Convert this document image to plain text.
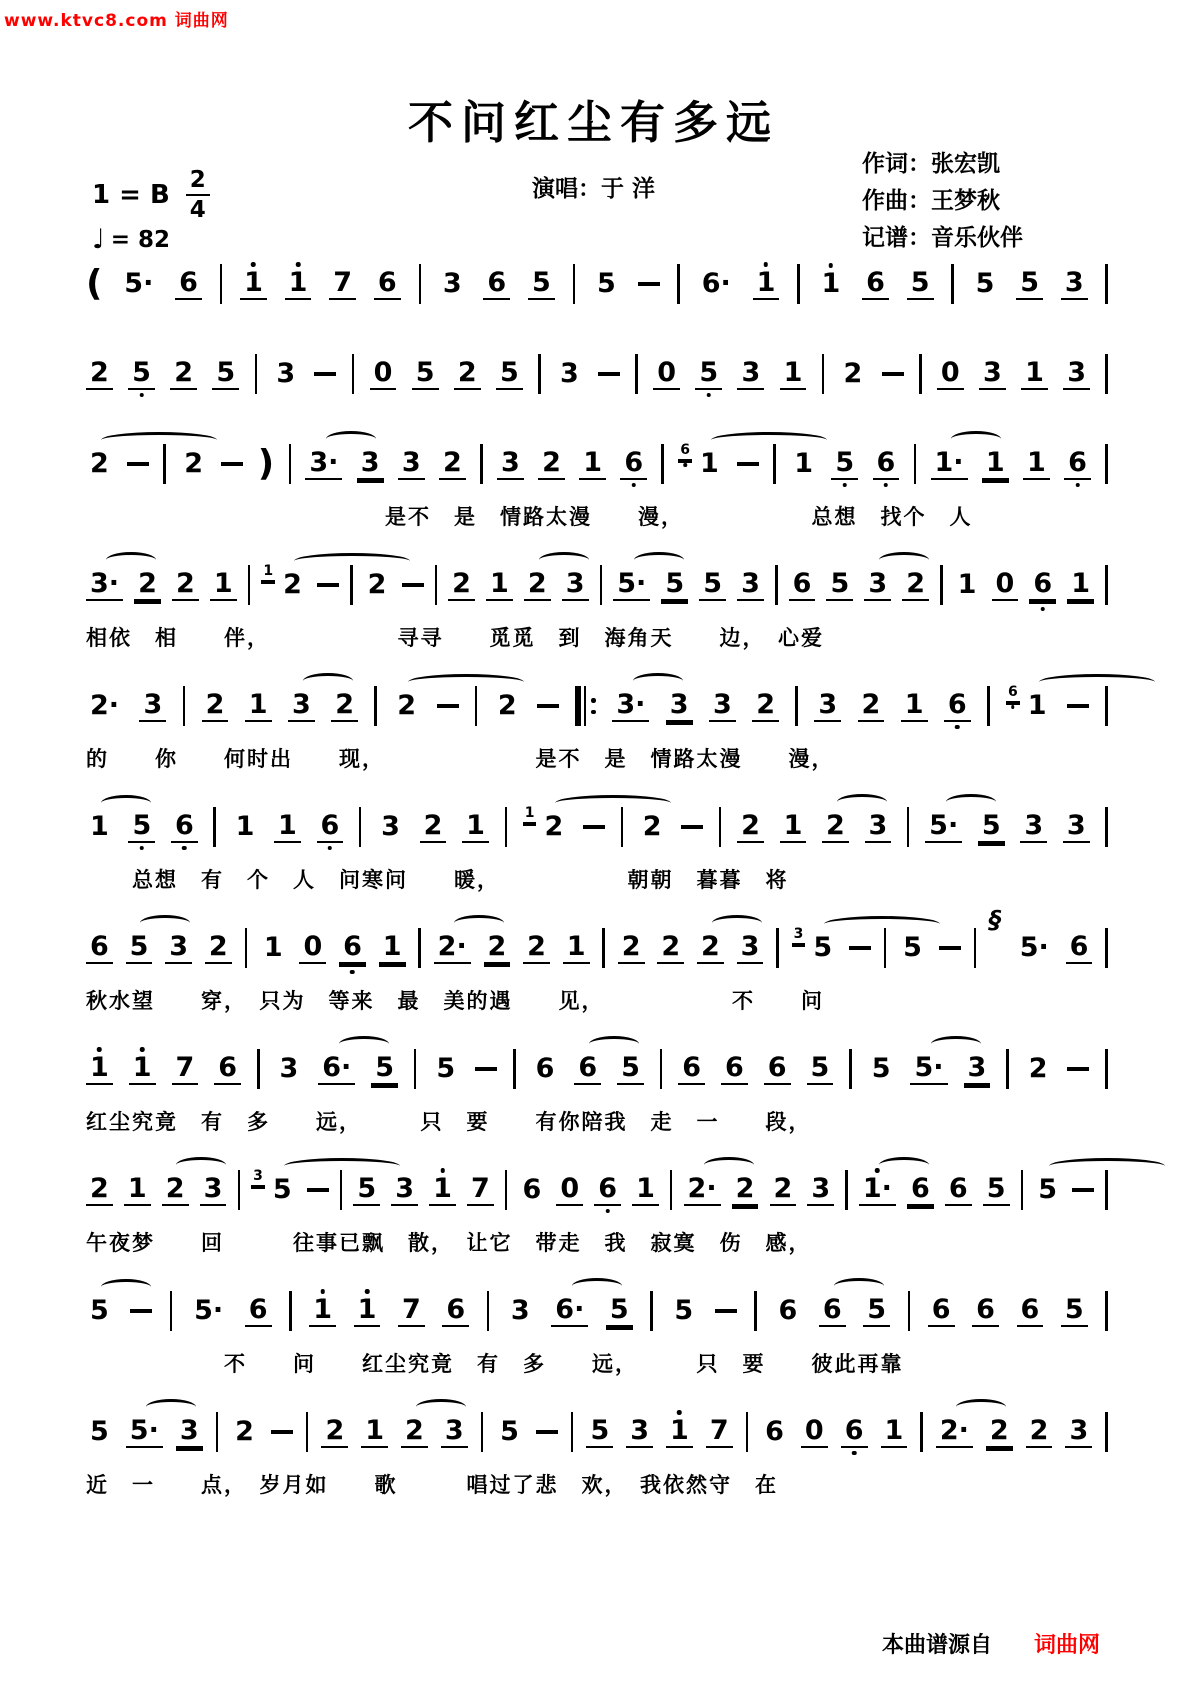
www.ktvc8.com 词曲网
不问红尘有多远
演唱：于 洋
作词：张宏凯
作曲：王梦秋
记谱：音乐伙伴
1 = B $\frac{2}{4}$
♩ = 82
( 5· 6 1 1 7 6 3 6 5 5	6· 1 1 6 5 5 5 3
2 5 2 5 3	0 5 2 5 3	0 5 3 1 2	0 3 1 3
2	2 ) 3· 3 3 2 3 2 1 6	6 1	1 5 6 1· 1 1 6
　　　　　　　　　　　　　是不　是　情路太漫　　漫，　　　　　　总想　找个　人
3· 2 2 1 1 2 2 2 1 2 3 5· 5 5 3 6 5 3 2 1 0 6 1
相依　相　　伴，　　　　　　寻寻　　觅觅　到　海角天　　边，　心爱
2· 3 2 1 3 2 2	2	3· 3 3 2 3 2 1 6	6 1
的　　你　　何时出　　现，　　　　　　　是不　是　情路太漫　　漫，
1 5 6 1 1 6 3 2 1	1 2	2	2 1 2 3 5· 5 3 3
　　总想　有　个　人　问寒问　　暖，　　　　　　朝朝　暮暮　将
6 5 3 2 1 0 6 1 2· 2 2 1 2 2 2 3 3 5	5
§
5· 6
秋水望　　穿，　只为　等来　最　美的遇　　见，　　　　　　不　　问
1 1 7 6 3 6· 5 5	6 6 5 6 6 6 5 5 5· 3 2
红尘究竟　有　多　　远，　　　只　要　　有你陪我　走　一　　段，
2 1 2 3 3 5 5 3 1 7 6 0 6 1 2· 2 2 3 1· 6 6 5 5
午夜梦　　回　　　往事已飘　散，　让它　带走　我　寂寞　伤　感，
5	5· 6 1 1 7 6 3 6· 5 5	6 6 5 6 6 6 5
　　　　　　不　　问　　红尘究竟　有　多　　远，　　　只　要　　彼此再靠
5 5· 3 2	2 1 2 3 5	5 3 1 7 6 0 6 1 2· 2 2 3
近　一　　点，　岁月如　　歌　　　唱过了悲　欢，　我依然守　在
本曲谱源自 词曲网
